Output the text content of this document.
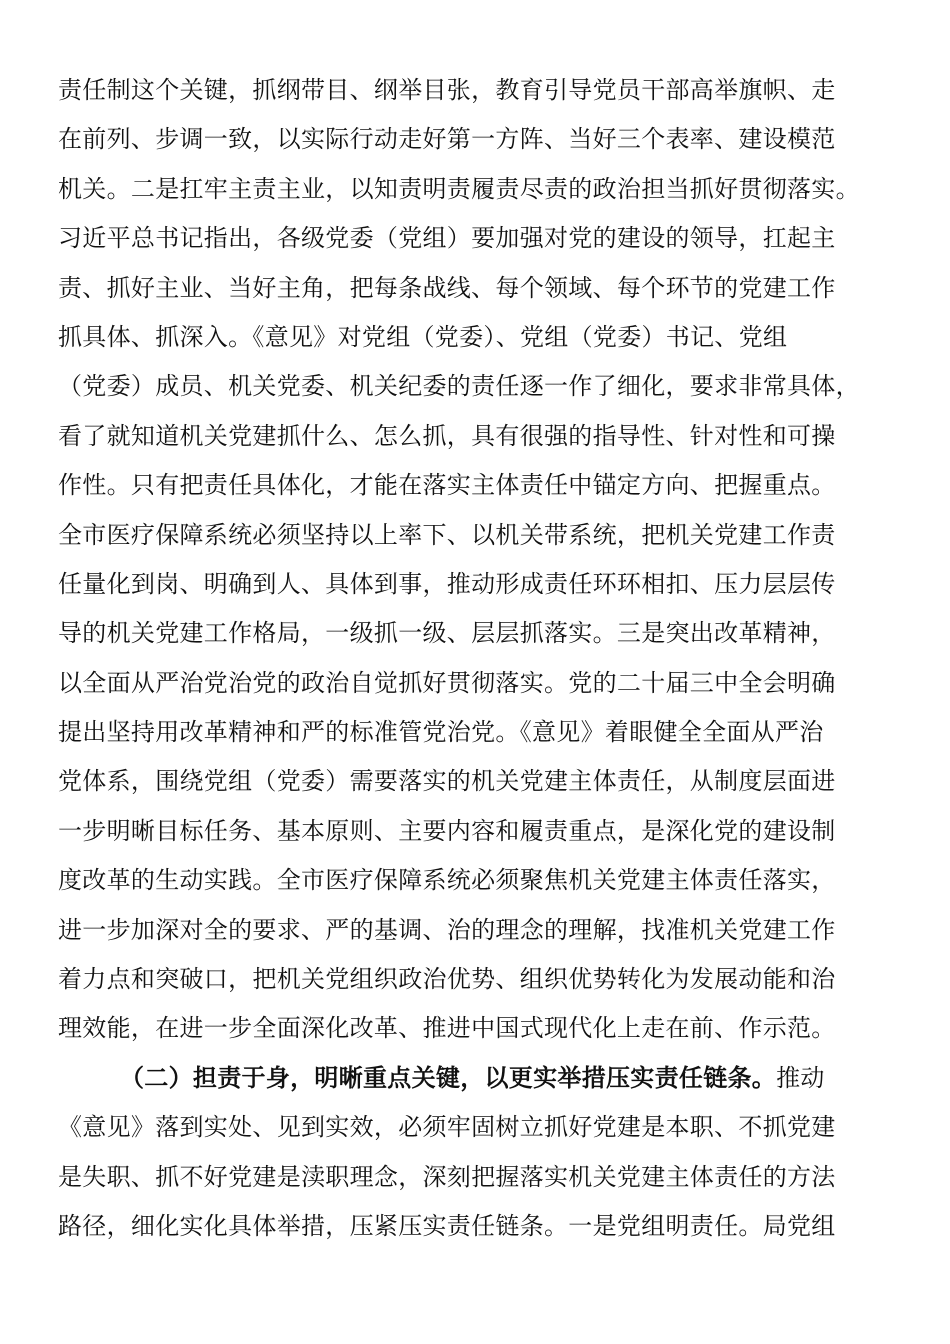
责任制这个关键，抓纲带目、纲举目张，教育引导党员干部高举旗帜、走
在前列、步调一致，以实际行动走好第一方阵、当好三个表率、建设模范
机关。二是扛牢主责主业，以知责明责履责尽责的政治担当抓好贯彻落实。
习近平总书记指出，各级党委（党组）要加强对党的建设的领导，扛起主
责、抓好主业、当好主角，把每条战线、每个领域、每个环节的党建工作
抓具体、抓深入。《意见》对党组（党委）、党组（党委）书记、党组
（党委）成员、机关党委、机关纪委的责任逐一作了细化，要求非常具体，
看了就知道机关党建抓什么、怎么抓，具有很强的指导性、针对性和可操
作性。只有把责任具体化，才能在落实主体责任中锚定方向、把握重点。
全市医疗保障系统必须坚持以上率下、以机关带系统，把机关党建工作责
任量化到岗、明确到人、具体到事，推动形成责任环环相扣、压力层层传
导的机关党建工作格局，一级抓一级、层层抓落实。三是突出改革精神，
以全面从严治党治党的政治自觉抓好贯彻落实。党的二十届三中全会明确
提出坚持用改革精神和严的标准管党治党。《意见》着眼健全全面从严治
党体系，围绕党组（党委）需要落实的机关党建主体责任，从制度层面进
一步明晰目标任务、基本原则、主要内容和履责重点，是深化党的建设制
度改革的生动实践。全市医疗保障系统必须聚焦机关党建主体责任落实，
进一步加深对全的要求、严的基调、治的理念的理解，找准机关党建工作
着力点和突破口，把机关党组织政治优势、组织优势转化为发展动能和治
理效能，在进一步全面深化改革、推进中国式现代化上走在前、作示范。
（二）担责于身，明晰重点关键，以更实举措压实责任链条。推动
《意见》落到实处、见到实效，必须牢固树立抓好党建是本职、不抓党建
是失职、抓不好党建是渎职理念，深刻把握落实机关党建主体责任的方法
路径，细化实化具体举措，压紧压实责任链条。一是党组明责任。局党组
